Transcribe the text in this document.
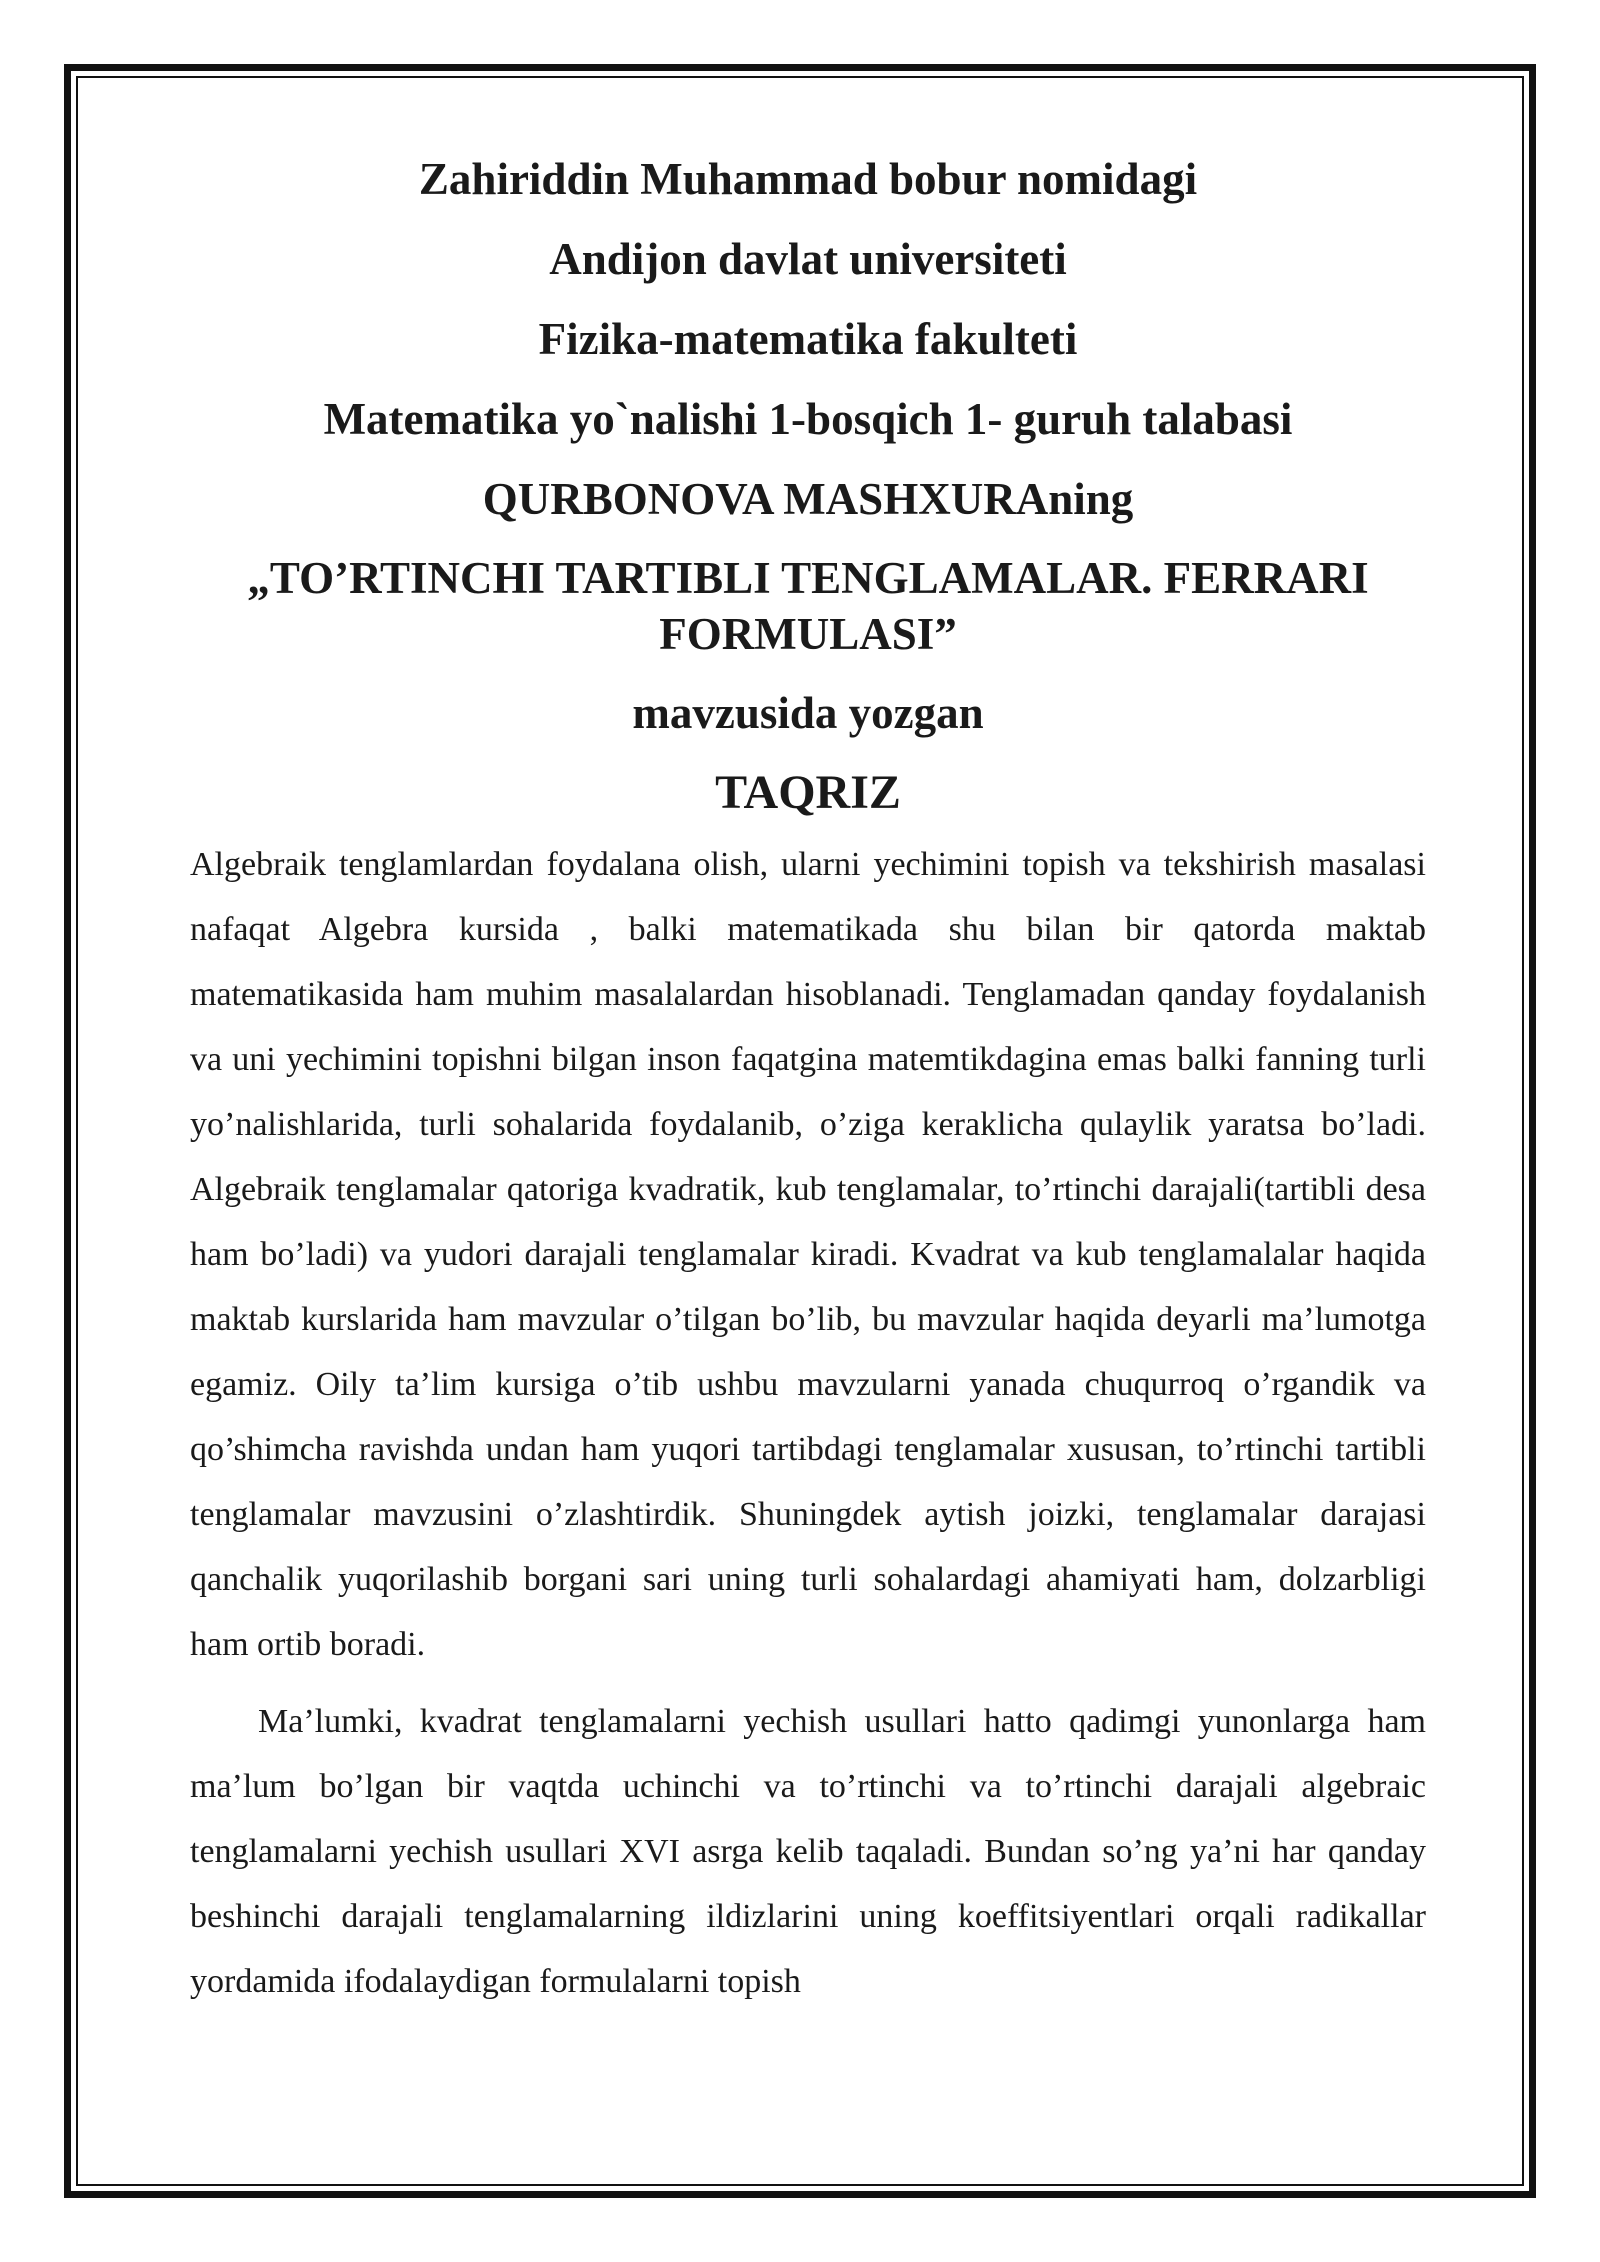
Zahiriddin Muhammad bobur nomidagi
Andijon davlat universiteti
Fizika-matematika fakulteti
Matematika yo`nalishi 1-bosqich 1- guruh talabasi
QURBONOVA MASHXURAning
„TO’RTINCHI TARTIBLI TENGLAMALAR. FERRARI FORMULASI”
mavzusida yozgan
TAQRIZ

Algebraik tenglamlardan foydalana olish, ularni yechimini topish va tekshirish masalasi nafaqat Algebra kursida , balki matematikada shu bilan bir qatorda maktab matematikasida ham muhim masalalardan hisoblanadi. Tenglamadan qanday foydalanish va uni yechimini topishni bilgan inson faqatgina matemtikdagina emas balki fanning turli yo’nalishlarida, turli sohalarida foydalanib, o’ziga keraklicha qulaylik yaratsa bo’ladi. Algebraik tenglamalar qatoriga kvadratik, kub tenglamalar, to’rtinchi darajali(tartibli desa ham bo’ladi) va yudori darajali tenglamalar kiradi. Kvadrat va kub tenglamalalar haqida maktab kurslarida ham mavzular o’tilgan bo’lib, bu mavzular haqida deyarli ma’lumotga egamiz. Oily ta’lim kursiga o’tib ushbu mavzularni yanada chuqurroq o’rgandik va qo’shimcha ravishda undan ham yuqori tartibdagi tenglamalar xususan, to’rtinchi tartibli tenglamalar mavzusini o’zlashtirdik. Shuningdek aytish joizki, tenglamalar darajasi qanchalik yuqorilashib borgani sari uning turli sohalardagi ahamiyati ham, dolzarbligi ham ortib boradi.

Ma’lumki, kvadrat tenglamalarni yechish usullari hatto qadimgi yunonlarga ham ma’lum bo’lgan bir vaqtda uchinchi va to’rtinchi va to’rtinchi darajali algebraic tenglamalarni yechish usullari XVI asrga kelib taqaladi. Bundan so’ng ya’ni har qanday beshinchi darajali tenglamalarning ildizlarini uning koeffitsiyentlari orqali radikallar yordamida ifodalaydigan formulalarni topish
